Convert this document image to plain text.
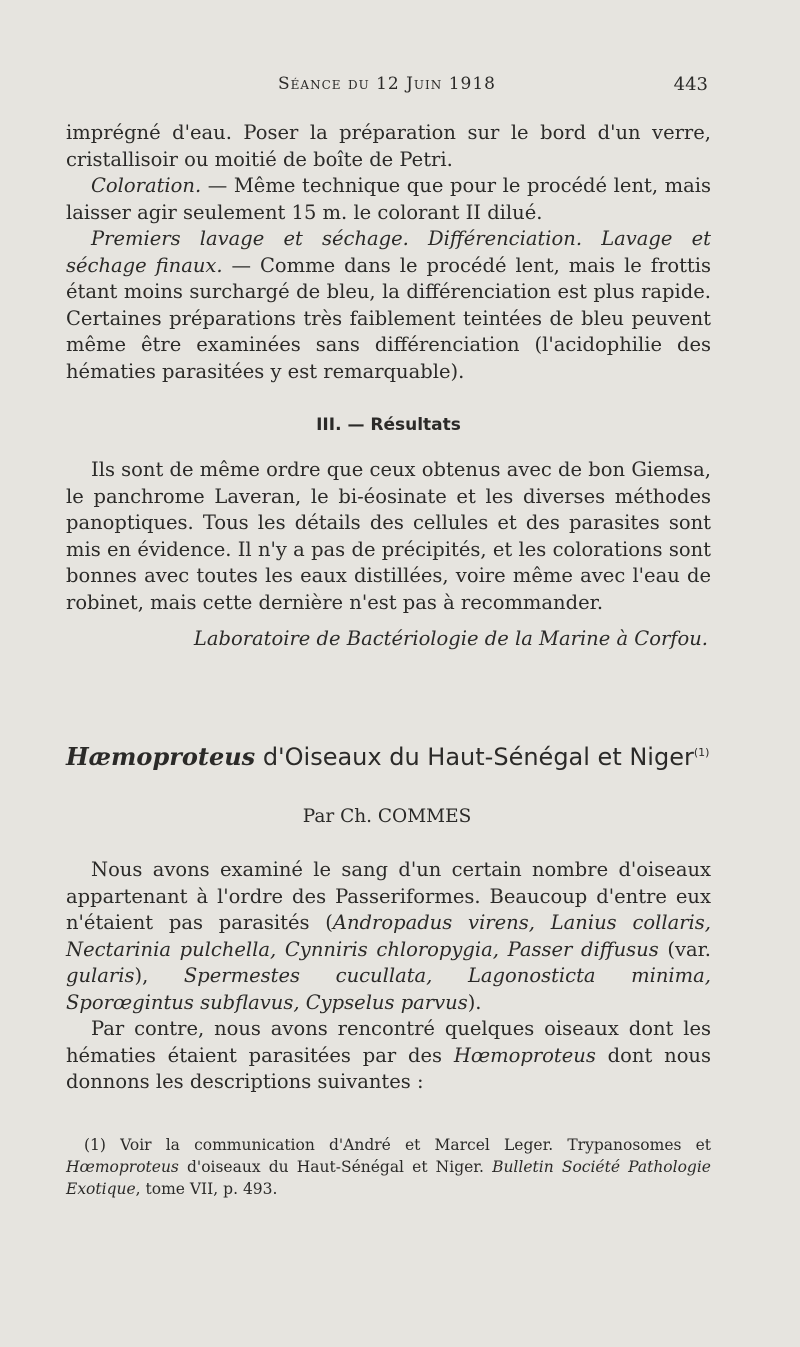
Séance du 12 Juin 1918	443

imprégné d'eau. Poser la préparation sur le bord d'un verre, cristallisoir ou moitié de boîte de Petri.

Coloration. — Même technique que pour le procédé lent, mais laisser agir seulement 15 m. le colorant II dilué.

Premiers lavage et séchage. Différenciation. Lavage et séchage finaux. — Comme dans le procédé lent, mais le frottis étant moins surchargé de bleu, la différenciation est plus rapide. Certaines préparations très faiblement teintées de bleu peuvent même être examinées sans différenciation (l'acidophilie des hématies parasitées y est remarquable).

III. — Résultats

Ils sont de même ordre que ceux obtenus avec de bon Giemsa, le panchrome Laveran, le bi-éosinate et les diverses méthodes panoptiques. Tous les détails des cellules et des parasites sont mis en évidence. Il n'y a pas de précipités, et les colorations sont bonnes avec toutes les eaux distillées, voire même avec l'eau de robinet, mais cette dernière n'est pas à recommander.

Laboratoire de Bactériologie de la Marine à Corfou.
Hæmoproteus d'Oiseaux du Haut-Sénégal et Niger$^{(1)}$
Par Ch. COMMES

Nous avons examiné le sang d'un certain nombre d'oiseaux appartenant à l'ordre des Passeriformes. Beaucoup d'entre eux n'étaient pas parasités (Andropadus virens, Lanius collaris, Nectarinia pulchella, Cynniris chloropygia, Passer diffusus (var. gularis), Spermestes cucullata, Lagonosticta minima, Sporœgintus subflavus, Cypselus parvus).

Par contre, nous avons rencontré quelques oiseaux dont les hématies étaient parasitées par des Hœmoproteus dont nous donnons les descriptions suivantes :

(1) Voir la communication d'André et Marcel Leger. Trypanosomes et Hœmoproteus d'oiseaux du Haut-Sénégal et Niger. Bulletin Société Pathologie Exotique, tome VII, p. 493.
